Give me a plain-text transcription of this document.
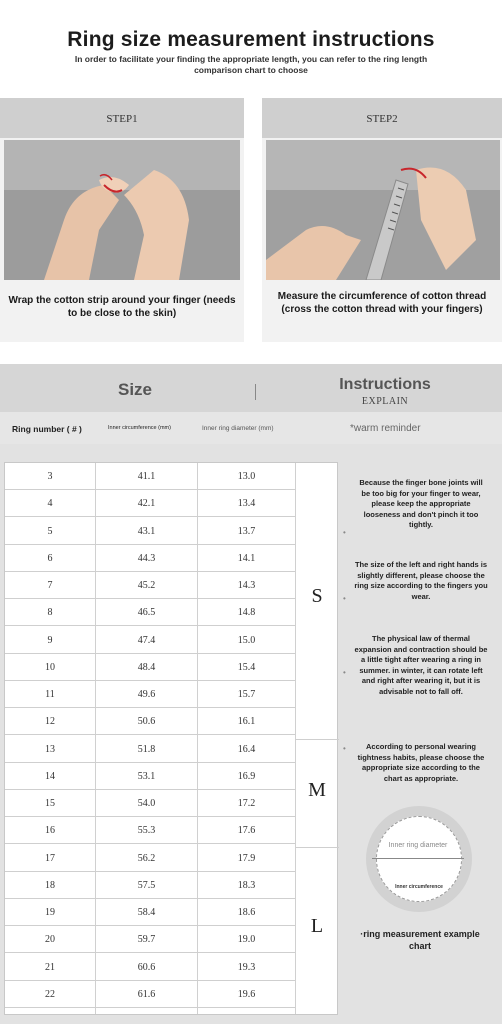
Ring size measurement instructions
In order to facilitate your finding the appropriate length, you can refer to the ring length comparison chart to choose
STEP1
Wrap the cotton strip around your finger (needs to be close to the skin)
STEP2
Measure the circumference of cotton thread (cross the cotton thread with your fingers)
Size	Instructions
EXPLAIN
Ring number ( # )	Inner circumference (mm)	Inner ring diameter (mm)	*warm reminder
S
M
L
3	41.1	13.0
4	42.1	13.4
5	43.1	13.7
6	44.3	14.1
7	45.2	14.3
8	46.5	14.8
9	47.4	15.0
10	48.4	15.4
11	49.6	15.7
12	50.6	16.1
13	51.8	16.4
14	53.1	16.9
15	54.0	17.2
16	55.3	17.6
17	56.2	17.9
18	57.5	18.3
19	58.4	18.6
20	59.7	19.0
21	60.6	19.3
22	61.6	19.6
•
Because the finger bone joints will be too big for your finger to wear, please keep the appropriate looseness and don't pinch it too tightly.
•
The size of the left and right hands is slightly different, please choose the ring size according to the fingers you wear.
•
The physical law of thermal expansion and contraction should be a little tight after wearing a ring in summer. in winter, it can rotate left and right after wearing it, but it is advisable not to fall off.
•	According to personal wearing tightness habits, please choose the appropriate size according to the chart as appropriate.
Inner ring diameter
Inner circumference
·ring measurement example chart
